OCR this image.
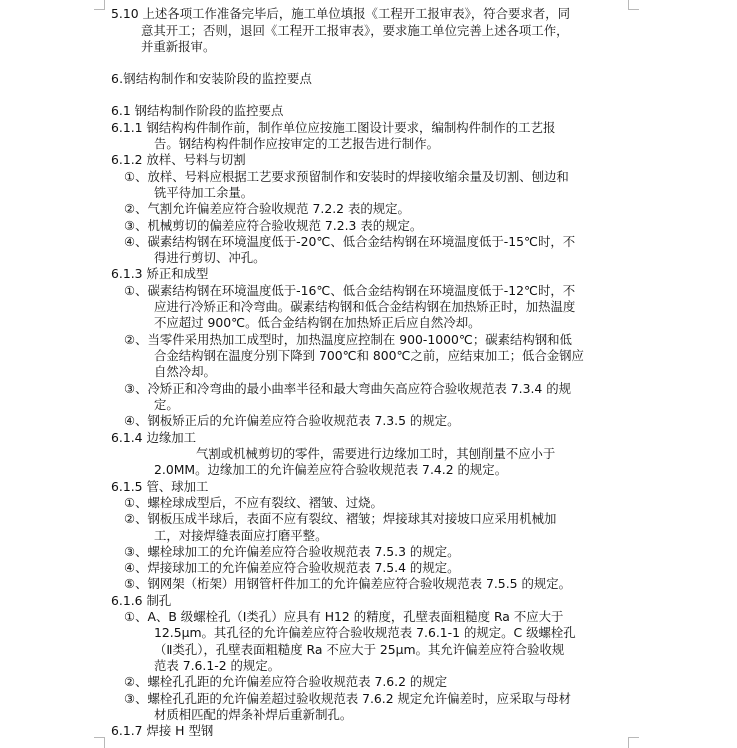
5.10 上述各项工作准备完毕后，施工单位填报《工程开工报审表》，符合要求者，同
意其开工；否则，退回《工程开工报审表》，要求施工单位完善上述各项工作，
并重新报审。
6.钢结构制作和安装阶段的监控要点
6.1 钢结构制作阶段的监控要点
6.1.1 钢结构构件制作前，制作单位应按施工图设计要求，编制构件制作的工艺报
告。钢结构构件制作应按审定的工艺报告进行制作。
6.1.2 放样、号料与切割
①、放样、号料应根据工艺要求预留制作和安装时的焊接收缩余量及切割、刨边和
铣平待加工余量。
②、气割允许偏差应符合验收规范 7.2.2 表的规定。
③、机械剪切的偏差应符合验收规范 7.2.3 表的规定。
④、碳素结构钢在环境温度低于-20℃、低合金结构钢在环境温度低于-15℃时，不
得进行剪切、冲孔。
6.1.3 矫正和成型
①、碳素结构钢在环境温度低于-16℃、低合金结构钢在环境温度低于-12℃时，不
应进行冷矫正和冷弯曲。碳素结构钢和低合金结构钢在加热矫正时，加热温度
不应超过 900℃。低合金结构钢在加热矫正后应自然冷却。
②、当零件采用热加工成型时，加热温度应控制在 900-1000℃；碳素结构钢和低
合金结构钢在温度分别下降到 700℃和 800℃之前，应结束加工；低合金钢应
自然冷却。
③、冷矫正和冷弯曲的最小曲率半径和最大弯曲矢高应符合验收规范表 7.3.4 的规
定。
④、钢板矫正后的允许偏差应符合验收规范表 7.3.5 的规定。
6.1.4 边缘加工
气割或机械剪切的零件，需要进行边缘加工时，其刨削量不应小于
2.0MM。边缘加工的允许偏差应符合验收规范表 7.4.2 的规定。
6.1.5 管、球加工
①、螺栓球成型后，不应有裂纹、褶皱、过烧。
②、钢板压成半球后，表面不应有裂纹、褶皱；焊接球其对接坡口应采用机械加
工，对接焊缝表面应打磨平整。
③、螺栓球加工的允许偏差应符合验收规范表 7.5.3 的规定。
④、焊接球加工的允许偏差应符合验收规范表 7.5.4 的规定。
⑤、钢网架（桁架）用钢管杆件加工的允许偏差应符合验收规范表 7.5.5 的规定。
6.1.6 制孔
①、A、B 级螺栓孔（Ⅰ类孔）应具有 H12 的精度，孔壁表面粗糙度 Ra 不应大于
12.5μm。其孔径的允许偏差应符合验收规范表 7.6.1-1 的规定。C 级螺栓孔
（Ⅱ类孔），孔壁表面粗糙度 Ra 不应大于 25μm。其允许偏差应符合验收规
范表 7.6.1-2 的规定。
②、螺栓孔孔距的允许偏差应符合验收规范表 7.6.2 的规定
③、螺栓孔孔距的允许偏差超过验收规范表 7.6.2 规定允许偏差时，应采取与母材
材质相匹配的焊条补焊后重新制孔。
6.1.7 焊接 H 型钢
